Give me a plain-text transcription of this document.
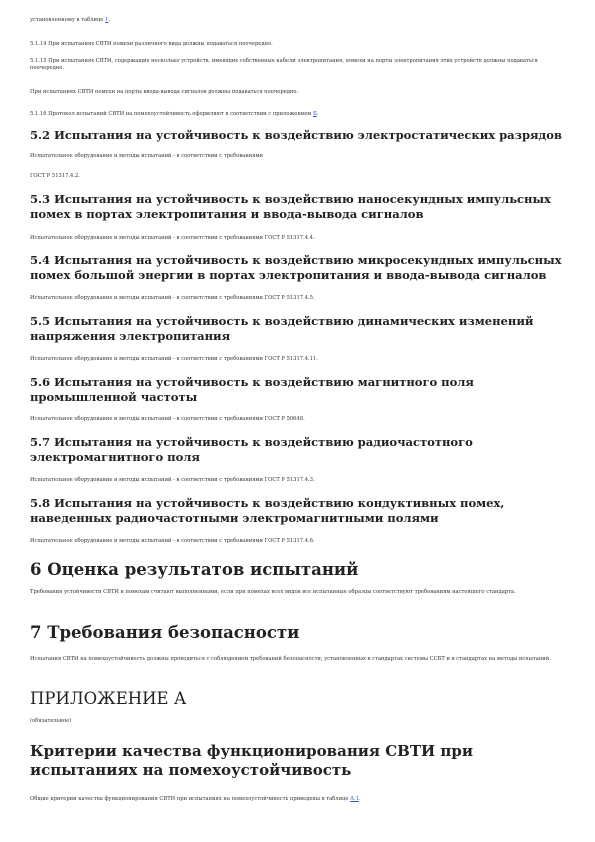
установленному в таблице 1.

5.1.14 При испытаниях СВТИ помехи различного вида должны подаваться поочередно.

5.1.15 При испытаниях СВТИ, содержащих несколько устройств, имеющих собственные кабели электропитания, помехи на порты электропитания этих устройств должны подаваться поочередно.

При испытаниях СВТИ помехи на порты ввода-вывода сигналов должны подаваться поочередно.

5.1.16 Протокол испытаний СВТИ на помехоустойчивость оформляют в соответствии с приложением Б.

5.2 Испытания на устойчивость к воздействию электростатических разрядов

Испытательное оборудование и методы испытаний - в соответствии с требованиями

ГОСТ Р 51317.4.2.

5.3 Испытания на устойчивость к воздействию наносекундных импульсных помех в портах электропитания и ввода-вывода сигналов

Испытательное оборудование и методы испытаний - в соответствии с требованиями ГОСТ Р 51317.4.4.

5.4 Испытания на устойчивость к воздействию микросекундных импульсных помех большой энергии в портах электропитания и ввода-вывода сигналов

Испытательное оборудование и методы испытаний - в соответствии с требованиями ГОСТ Р 51317.4.5.

5.5 Испытания на устойчивость к воздействию динамических изменений напряжения электропитания

Испытательное оборудование и методы испытаний - в соответствии с требованиями ГОСТ Р 51317.4.11.

5.6 Испытания на устойчивость к воздействию магнитного поля промышленной частоты

Испытательное оборудование и методы испытаний - в соответствии с требованиями ГОСТ Р 50648.

5.7 Испытания на устойчивость к воздействию радиочастотного электромагнитного поля

Испытательное оборудование и методы испытаний - в соответствии с требованиями ГОСТ Р 51317.4.3.

5.8 Испытания на устойчивость к воздействию кондуктивных помех, наведенных радиочастотными электромагнитными полями

Испытательное оборудование и методы испытаний - в соответствии с требованиями ГОСТ Р 51317.4.6.

6 Оценка результатов испытаний

Требования устойчивости СВТИ к помехам считают выполненными, если при помехах всех видов все испытанные образцы соответствуют требованиям настоящего стандарта.

7 Требования безопасности

Испытания СВТИ на помехоустойчивость должны проводиться с соблюдением требований безопасности, установленных в стандартах системы ССБТ и в стандартах на методы испытаний.

ПРИЛОЖЕНИЕ А

(обязательное)

Критерии качества функционирования СВТИ при испытаниях на помехоустойчивость

Общие критерии качества функционирования СВТИ при испытаниях на помехоустойчивость приведены в таблице А.1.
